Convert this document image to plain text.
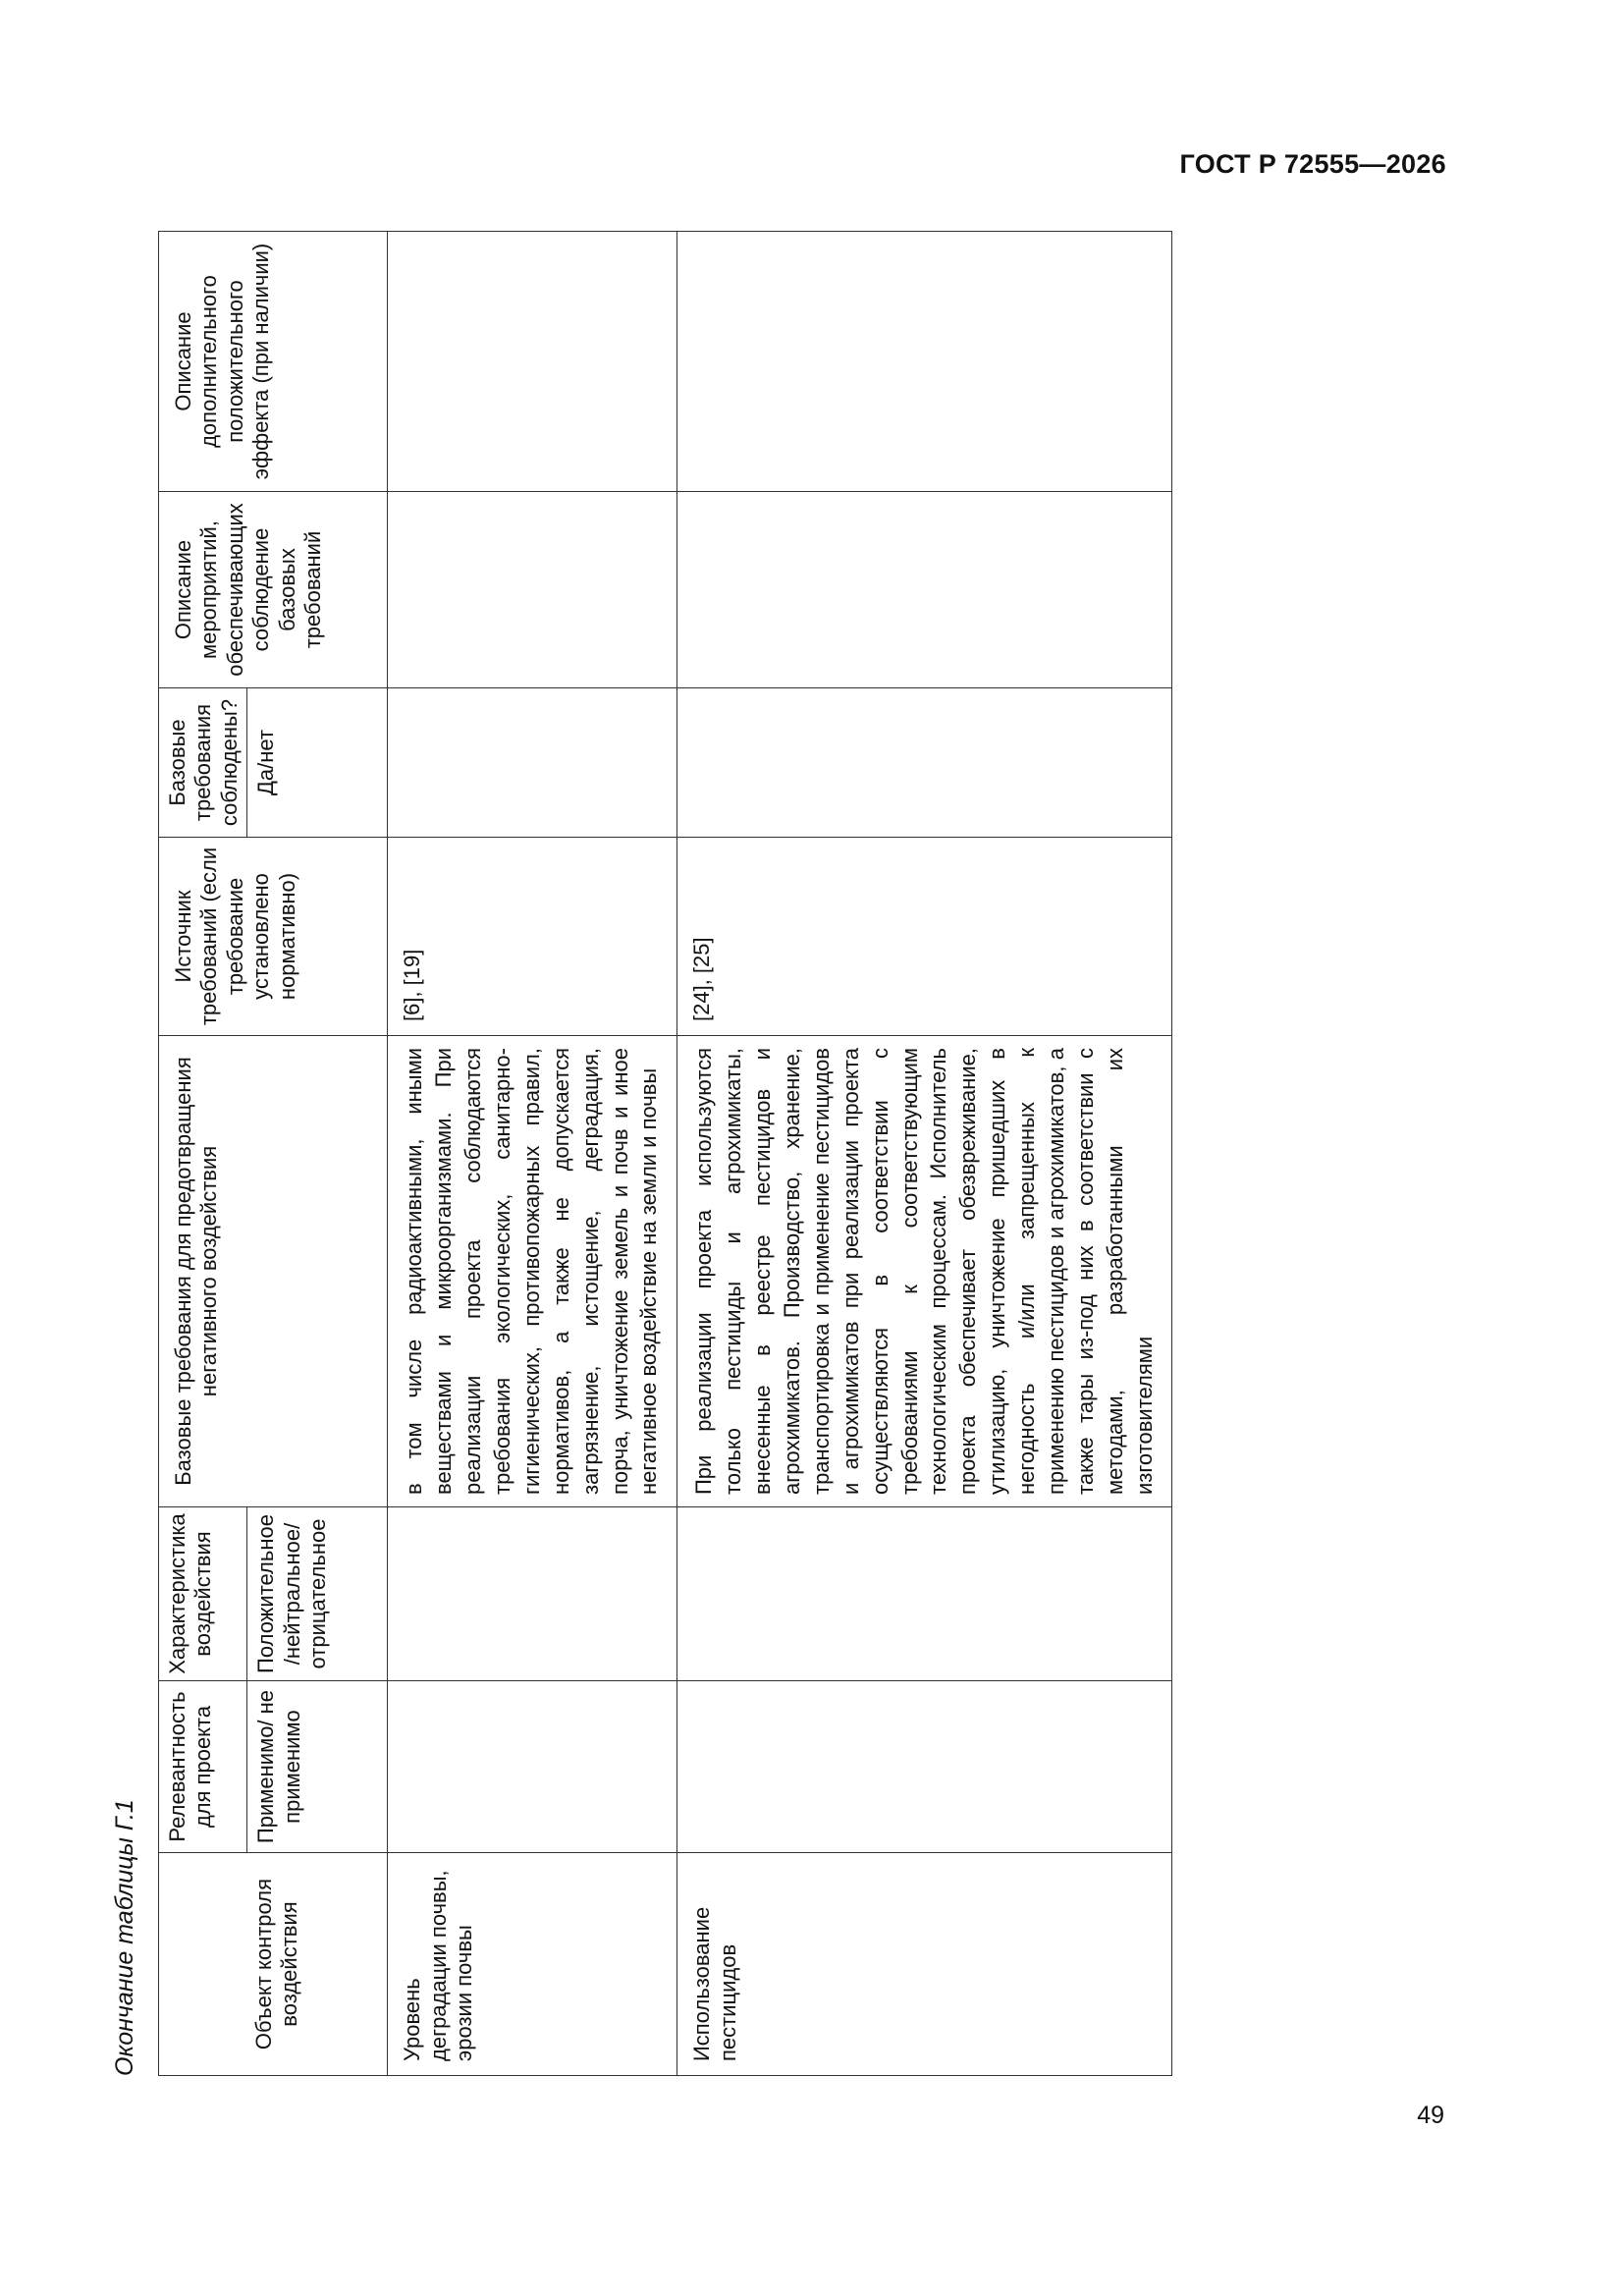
ГОСТ Р 72555—2026
Окончание таблицы Г.1	Объект контроля воздействия	Релевантность для проекта	Характеристика воздействия	Базовые требования для предотвращения негативного воздействия	Источник требований (если требование установлено нормативно)	Базовые требования соблюдены?	Описание мероприятий, обеспечивающих соблюдение базовых требований	Описание дополнительного положительного эффекта (при наличии)
	Применимо/ не применимо	Положительное /нейтральное/ отрицательное			Да/нет		
Уровень деградации почвы, эрозии почвы			в том числе радиоактивными, иными веществами и микроорганизмами. При реализации проекта соблюдаются требования экологических, санитарно-гигиенических, противопожарных правил, нормативов, а также не допускается загрязнение, истощение, деградация, порча, уничтожение земель и почв и иное негативное воздействие на земли и почвы	[6], [19]			
Использование пестицидов			При реализации проекта используются только пестициды и агрохимикаты, внесенные в реестре пестицидов и агрохимикатов. Производство, хранение, транспортировка и применение пестицидов и агрохимикатов при реализации проекта осуществляются в соответствии с требованиями к соответствующим технологическим процессам. Исполнитель проекта обеспечивает обезвреживание, утилизацию, уничтожение пришедших в негодность и/или запрещенных к применению пестицидов и агрохимикатов, а также тары из-под них в соответствии с методами, разработанными их изготовителями	[24], [25]			
49
